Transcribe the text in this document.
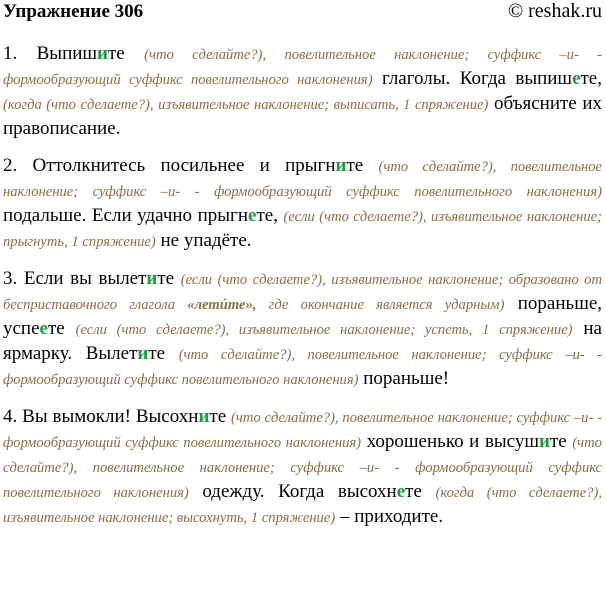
Упражнение 306	© reshak.ru

1. Выпишите (что сделайте?), повелительное наклонение; суффикс –и- - формообразующий суффикс повелительного наклонения) глаголы. Когда выпишете, (когда (что сделаете?), изъявительное наклонение; выписать, 1 спряжение) объясните их правописание.

2. Оттолкнитесь посильнее и прыгните (что сделайте?), повелительное наклонение; суффикс –и- - формообразующий суффикс повелительного наклонения) подальше. Если удачно прыгнете, (если (что сделаете?), изъявительное наклонение; прыгнуть, 1 спряжение) не упадёте.

3. Если вы вылетите (если (что сделаете?), изъявительное наклонение; образовано от бесприставочного глагола «летúте», где окончание является ударным) пораньше, успеете (если (что сделаете?), изъявительное наклонение; успеть, 1 спряжение) на ярмарку. Вылетите (что сделайте?), повелительное наклонение; суффикс –и- - формообразующий суффикс повелительного наклонения) пораньше!

4. Вы вымокли! Высохните (что сделайте?), повелительное наклонение; суффикс –и- - формообразующий суффикс повелительного наклонения) хорошенько и высушите (что сделайте?), повелительное наклонение; суффикс –и- - формообразующий суффикс повелительного наклонения) одежду. Когда высохнете (когда (что сделаете?), изъявительное наклонение; высохнуть, 1 спряжение) – приходите.
